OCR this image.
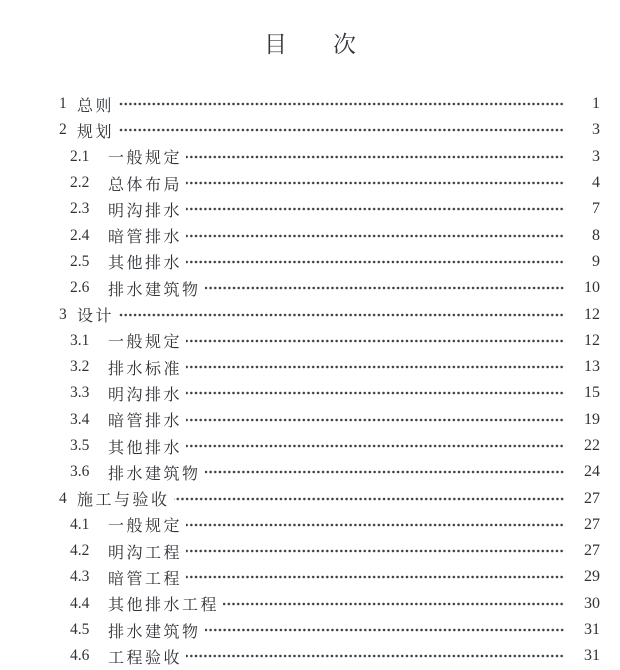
目　　次
1 总则	1
2 规划	3
2.1	一般规定	3
2.2	总体布局	4
2.3	明沟排水	7
2.4	暗管排水	8
2.5	其他排水	9
2.6	排水建筑物	10
3 设计	12
3.1	一般规定	12
3.2	排水标准	13
3.3	明沟排水	15
3.4	暗管排水	19
3.5	其他排水	22
3.6	排水建筑物	24
4 施工与验收	27
4.1	一般规定	27
4.2	明沟工程	27
4.3	暗管工程	29
4.4	其他排水工程	30
4.5	排水建筑物	31
4.6	工程验收	31
